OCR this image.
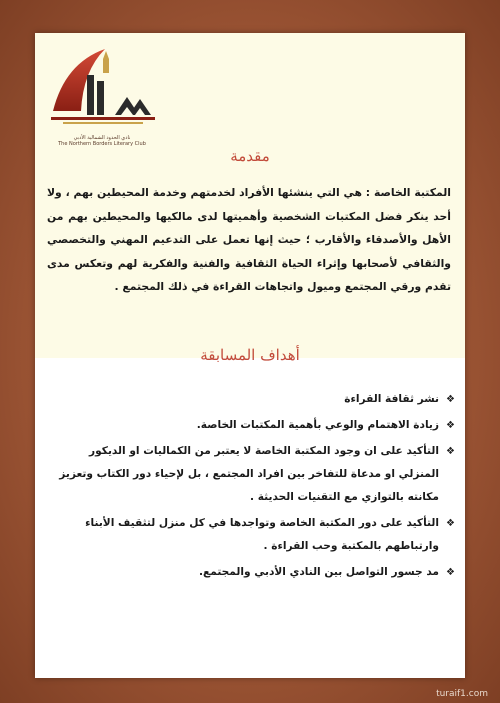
نادي الحدود الشمالية الأدبي
The Northern Borders Literary Club
مقدمة
المكتبة الخاصة : هي التي ينشئها الأفراد لخدمتهم وخدمة المحيطين بهم ، ولا أحد ينكر فضل المكتبات الشخصية وأهميتها لدى مالكيها والمحيطين بهم من الأهل والأصدقاء والأقارب ؛ حيث إنها تعمل على التدعيم المهني والتخصصي والثقافي لأصحابها وإثراء الحياة الثقافية والفنية والفكرية لهم وتعكس مدى تقدم ورقي المجتمع وميول واتجاهات القراءة في ذلك المجتمع .
أهداف المسابقة
❖
نشر ثقافة القراءة
❖
زيادة الاهتمام والوعي بأهمية المكتبات الخاصة.
❖
التأكيد على ان وجود المكتبة الخاصة لا يعتبر من الكماليات او الديكور المنزلي او مدعاة للتفاخر بين افراد المجتمع ، بل لإحياء دور الكتاب وتعزيز مكانته بالتوازي مع التقنيات الحديثة .
❖
التأكيد على دور المكتبة الخاصة وتواجدها في كل منزل لتثقيف الأبناء وارتباطهم بالمكتبة وحب القراءة .
❖
مد جسور التواصل بين النادي الأدبي والمجتمع.
turaif1.com
